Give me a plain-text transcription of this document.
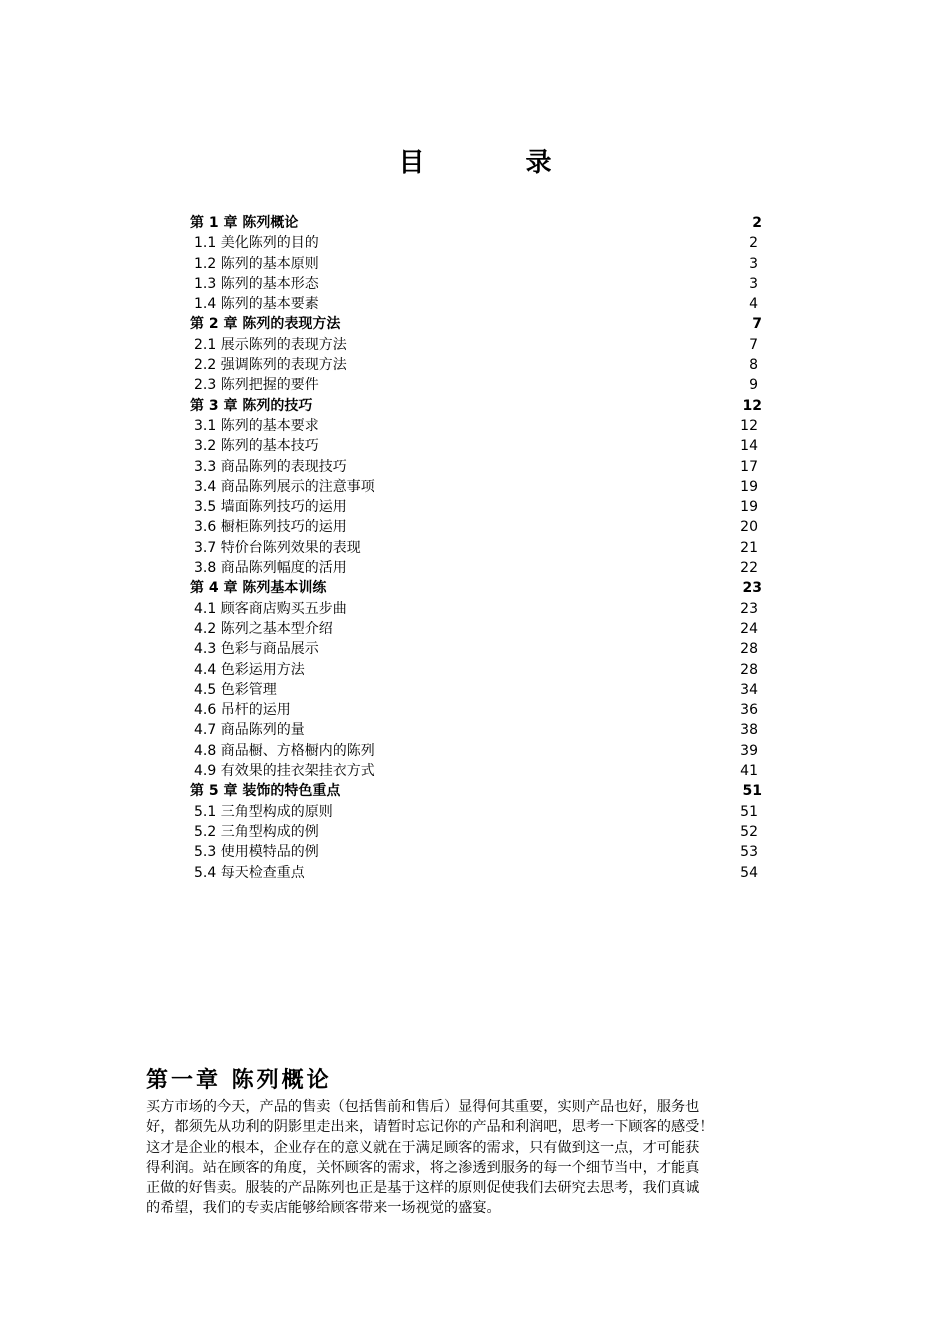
目 录
第 1 章 陈列概论	2
1.1 美化陈列的目的	2
1.2 陈列的基本原则	3
1.3 陈列的基本形态	3
1.4 陈列的基本要素	4
第 2 章 陈列的表现方法	7
2.1 展示陈列的表现方法	7
2.2 强调陈列的表现方法	8
2.3 陈列把握的要件	9
第 3 章 陈列的技巧	12
3.1 陈列的基本要求	12
3.2 陈列的基本技巧	14
3.3 商品陈列的表现技巧	17
3.4 商品陈列展示的注意事项	19
3.5 墙面陈列技巧的运用	19
3.6 橱柜陈列技巧的运用	20
3.7 特价台陈列效果的表现	21
3.8 商品陈列幅度的活用	22
第 4 章 陈列基本训练	23
4.1 顾客商店购买五步曲	23
4.2 陈列之基本型介绍	24
4.3 色彩与商品展示	28
4.4 色彩运用方法	28
4.5 色彩管理	34
4.6 吊杆的运用	36
4.7 商品陈列的量	38
4.8 商品橱、方格橱内的陈列	39
4.9 有效果的挂衣架挂衣方式	41
第 5 章 装饰的特色重点	51
5.1 三角型构成的原则	51
5.2 三角型构成的例	52
5.3 使用模特品的例	53
5.4 每天检查重点	54
第一章 陈列概论
买方市场的今天，产品的售卖（包括售前和售后）显得何其重要，实则产品也好，服务也
好，都须先从功利的阴影里走出来，请暂时忘记你的产品和利润吧，思考一下顾客的感受！
这才是企业的根本，企业存在的意义就在于满足顾客的需求，只有做到这一点，才可能获
得利润。站在顾客的角度，关怀顾客的需求，将之渗透到服务的每一个细节当中，才能真
正做的好售卖。服装的产品陈列也正是基于这样的原则促使我们去研究去思考，我们真诚
的希望，我们的专卖店能够给顾客带来一场视觉的盛宴。
